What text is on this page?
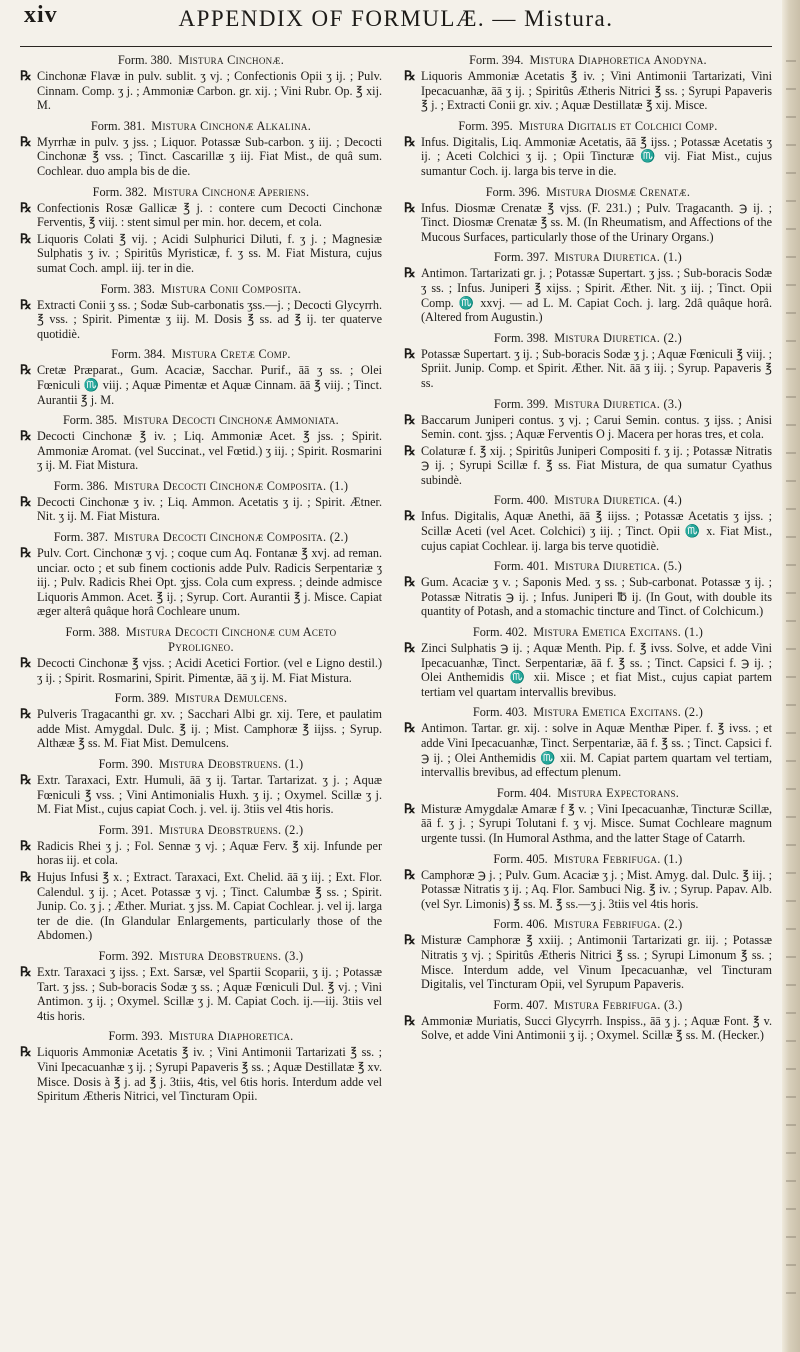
xiv	APPENDIX OF FORMULÆ. — Mistura.
Form. 380. Mistura Cinchonæ.
℞ Cinchonæ Flavæ in pulv. sublit. ʒ vj. ; Confectionis Opii ʒ ij. ; Pulv. Cinnam. Comp. ʒ j. ; Ammoniæ Carbon. gr. xij. ; Vini Rubr. Op. ℥ xij. M.
Form. 381. Mistura Cinchonæ Alkalina.
℞ Myrrhæ in pulv. ʒ jss. ; Liquor. Potassæ Sub-carbon. ʒ iij. ; Decocti Cinchonæ ℥ vss. ; Tinct. Cascarillæ ʒ iij. Fiat Mist., de quâ sum. Cochlear. duo ampla bis de die.
Form. 382. Mistura Cinchonæ Aperiens.
℞ Confectionis Rosæ Gallicæ ℥ j. : contere cum Decocti Cinchonæ Ferventis, ℥ viij. : stent simul per min. hor. decem, et cola.
℞ Liquoris Colati ℥ vij. ; Acidi Sulphurici Diluti, f. ʒ j. ; Magnesiæ Sulphatis ʒ iv. ; Spiritûs Myristicæ, f. ʒ ss. M. Fiat Mistura, cujus sumat Coch. ampl. iij. ter in die.
Form. 383. Mistura Conii Composita.
℞ Extracti Conii ʒ ss. ; Sodæ Sub-carbonatis ʒss.—j. ; Decocti Glycyrrh. ℥ vss. ; Spirit. Pimentæ ʒ iij. M. Dosis ℥ ss. ad ℥ ij. ter quaterve quotidiè.
Form. 384. Mistura Cretæ Comp.
℞ Cretæ Præparat., Gum. Acaciæ, Sacchar. Purif., āā ʒ ss. ; Olei Fœniculi ♏ viij. ; Aquæ Pimentæ et Aquæ Cinnam. āā ℥ viij. ; Tinct. Aurantii ℥ j. M.
Form. 385. Mistura Decocti Cinchonæ Ammoniata.
℞ Decocti Cinchonæ ℥ iv. ; Liq. Ammoniæ Acet. ℥ jss. ; Spirit. Ammoniæ Aromat. (vel Succinat., vel Fœtid.) ʒ iij. ; Spirit. Rosmarini ʒ ij. M. Fiat Mistura.
Form. 386. Mistura Decocti Cinchonæ Composita. (1.)
℞ Decocti Cinchonæ ʒ iv. ; Liq. Ammon. Acetatis ʒ ij. ; Spirit. Ætner. Nit. ʒ ij. M. Fiat Mistura.
Form. 387. Mistura Decocti Cinchonæ Composita. (2.)
℞ Pulv. Cort. Cinchonæ ʒ vj. ; coque cum Aq. Fontanæ ℥ xvj. ad reman. unciar. octo ; et sub finem coctionis adde Pulv. Radicis Serpentariæ ʒ iij. ; Pulv. Radicis Rhei Opt. ʒjss. Cola cum express. ; deinde admisce Liquoris Ammon. Acet. ℥ ij. ; Syrup. Cort. Aurantii ℥ j. Misce. Capiat æger alterâ quâque horâ Cochleare unum.
Form. 388. Mistura Decocti Cinchonæ cum Aceto
Pyroligneo.
℞ Decocti Cinchonæ ℥ vjss. ; Acidi Acetici Fortior. (vel e Ligno destil.) ʒ ij. ; Spirit. Rosmarini, Spirit. Pimentæ, āā ʒ ij. M. Fiat Mistura.
Form. 389. Mistura Demulcens.
℞ Pulveris Tragacanthi gr. xv. ; Sacchari Albi gr. xij. Tere, et paulatim adde Mist. Amygdal. Dulc. ℥ ij. ; Mist. Camphoræ ℥ iijss. ; Syrup. Althææ ℥ ss. M. Fiat Mist. Demulcens.
Form. 390. Mistura Deobstruens. (1.)
℞ Extr. Taraxaci, Extr. Humuli, āā ʒ ij. Tartar. Tartarizat. ʒ j. ; Aquæ Fœniculi ℥ vss. ; Vini Antimonialis Huxh. ʒ ij. ; Oxymel. Scillæ ʒ j. M. Fiat Mist., cujus capiat Coch. j. vel. ij. 3tiis vel 4tis horis.
Form. 391. Mistura Deobstruens. (2.)
℞ Radicis Rhei ʒ j. ; Fol. Sennæ ʒ vj. ; Aquæ Ferv. ℥ xij. Infunde per horas iij. et cola.
℞ Hujus Infusi ℥ x. ; Extract. Taraxaci, Ext. Chelid. āā ʒ iij. ; Ext. Flor. Calendul. ʒ ij. ; Acet. Potassæ ʒ vj. ; Tinct. Calumbæ ℥ ss. ; Spirit. Junip. Co. ʒ j. ; Æther. Muriat. ʒ jss. M. Capiat Cochlear. j. vel ij. larga ter de die. (In Glandular Enlargements, particularly those of the Abdomen.)
Form. 392. Mistura Deobstruens. (3.)
℞ Extr. Taraxaci ʒ ijss. ; Ext. Sarsæ, vel Spartii Scoparii, ʒ ij. ; Potassæ Tart. ʒ jss. ; Sub-boracis Sodæ ʒ ss. ; Aquæ Fœniculi Dul. ℥ vj. ; Vini Antimon. ʒ ij. ; Oxymel. Scillæ ʒ j. M. Capiat Coch. ij.—iij. 3tiis vel 4tis horis.
Form. 393. Mistura Diaphoretica.
℞ Liquoris Ammoniæ Acetatis ℥ iv. ; Vini Antimonii Tartarizati ℥ ss. ; Vini Ipecacuanhæ ʒ ij. ; Syrupi Papaveris ℥ ss. ; Aquæ Destillatæ ℥ xv. Misce. Dosis à ℥ j. ad ℥ j. 3tiis, 4tis, vel 6tis horis. Interdum adde vel Spiritum Ætheris Nitrici, vel Tincturam Opii.
Form. 394. Mistura Diaphoretica Anodyna.
℞ Liquoris Ammoniæ Acetatis ℥ iv. ; Vini Antimonii Tartarizati, Vini Ipecacuanhæ, āā ʒ ij. ; Spiritûs Ætheris Nitrici ℥ ss. ; Syrupi Papaveris ℥ j. ; Extracti Conii gr. xiv. ; Aquæ Destillatæ ℥ xij. Misce.
Form. 395. Mistura Digitalis et Colchici Comp.
℞ Infus. Digitalis, Liq. Ammoniæ Acetatis, āā ℥ ijss. ; Potassæ Acetatis ʒ ij. ; Aceti Colchici ʒ ij. ; Opii Tincturæ ♏ vij. Fiat Mist., cujus sumantur Coch. ij. larga bis terve in die.
Form. 396. Mistura Diosmæ Crenatæ.
℞ Infus. Diosmæ Crenatæ ℥ vjss. (F. 231.) ; Pulv. Tragacanth. ℈ ij. ; Tinct. Diosmæ Crenatæ ℥ ss. M. (In Rheumatism, and Affections of the Mucous Surfaces, particularly those of the Urinary Organs.)
Form. 397. Mistura Diuretica. (1.)
℞ Antimon. Tartarizati gr. j. ; Potassæ Supertart. ʒ jss. ; Sub-boracis Sodæ ʒ ss. ; Infus. Juniperi ℥ xijss. ; Spirit. Æther. Nit. ʒ iij. ; Tinct. Opii Comp. ♏ xxvj. — ad L. M. Capiat Coch. j. larg. 2dâ quâque horâ. (Altered from Augustin.)
Form. 398. Mistura Diuretica. (2.)
℞ Potassæ Supertart. ʒ ij. ; Sub-boracis Sodæ ʒ j. ; Aquæ Fœniculi ℥ viij. ; Spriit. Junip. Comp. et Spirit. Æther. Nit. āā ʒ iij. ; Syrup. Papaveris ℥ ss.
Form. 399. Mistura Diuretica. (3.)
℞ Baccarum Juniperi contus. ʒ vj. ; Carui Semin. contus. ʒ ijss. ; Anisi Semin. cont. ʒjss. ; Aquæ Ferventis O j. Macera per horas tres, et cola.
℞ Colaturæ f. ℥ xij. ; Spiritûs Juniperi Compositi f. ʒ ij. ; Potassæ Nitratis ℈ ij. ; Syrupi Scillæ f. ℥ ss. Fiat Mistura, de qua sumatur Cyathus subindè.
Form. 400. Mistura Diuretica. (4.)
℞ Infus. Digitalis, Aquæ Anethi, āā ℥ iijss. ; Potassæ Acetatis ʒ ijss. ; Scillæ Aceti (vel Acet. Colchici) ʒ iij. ; Tinct. Opii ♏ x. Fiat Mist., cujus capiat Cochlear. ij. larga bis terve quotidiè.
Form. 401. Mistura Diuretica. (5.)
℞ Gum. Acaciæ ʒ v. ; Saponis Med. ʒ ss. ; Sub-carbonat. Potassæ ʒ ij. ; Potassæ Nitratis ℈ ij. ; Infus. Juniperi ℔ ij. (In Gout, with double its quantity of Potash, and a stomachic tincture and Tinct. of Colchicum.)
Form. 402. Mistura Emetica Excitans. (1.)
℞ Zinci Sulphatis ℈ ij. ; Aquæ Menth. Pip. f. ℥ ivss. Solve, et adde Vini Ipecacuanhæ, Tinct. Serpentariæ, āā f. ℥ ss. ; Tinct. Capsici f. ℈ ij. ; Olei Anthemidis ♏ xii. Misce ; et fiat Mist., cujus capiat partem tertiam vel quartam intervallis brevibus.
Form. 403. Mistura Emetica Excitans. (2.)
℞ Antimon. Tartar. gr. xij. : solve in Aquæ Menthæ Piper. f. ℥ ivss. ; et adde Vini Ipecacuanhæ, Tinct. Serpentariæ, āā f. ℥ ss. ; Tinct. Capsici f. ℈ ij. ; Olei Anthemidis ♏ xii. M. Capiat partem quartam vel tertiam, intervallis brevibus, ad effectum plenum.
Form. 404. Mistura Expectorans.
℞ Misturæ Amygdalæ Amaræ f ℥ v. ; Vini Ipecacuanhæ, Tincturæ Scillæ, āā f. ʒ j. ; Syrupi Tolutani f. ʒ vj. Misce. Sumat Cochleare magnum urgente tussi. (In Humoral Asthma, and the latter Stage of Catarrh.
Form. 405. Mistura Febrifuga. (1.)
℞ Camphoræ ℈ j. ; Pulv. Gum. Acaciæ ʒ j. ; Mist. Amyg. dal. Dulc. ℥ iij. ; Potassæ Nitratis ʒ ij. ; Aq. Flor. Sambuci Nig. ℥ iv. ; Syrup. Papav. Alb. (vel Syr. Limonis) ℥ ss. M. ℥ ss.—ʒ j. 3tiis vel 4tis horis.
Form. 406. Mistura Febrifuga. (2.)
℞ Misturæ Camphoræ ℥ xxiij. ; Antimonii Tartarizati gr. iij. ; Potassæ Nitratis ʒ vj. ; Spiritûs Ætheris Nitrici ℥ ss. ; Syrupi Limonum ℥ ss. ; Misce. Interdum adde, vel Vinum Ipecacuanhæ, vel Tincturam Digitalis, vel Tincturam Opii, vel Syrupum Papaveris.
Form. 407. Mistura Febrifuga. (3.)
℞ Ammoniæ Muriatis, Succi Glycyrrh. Inspiss., āā ʒ j. ; Aquæ Font. ℥ v. Solve, et adde Vini Antimonii ʒ ij. ; Oxymel. Scillæ ℥ ss. M. (Hecker.)
